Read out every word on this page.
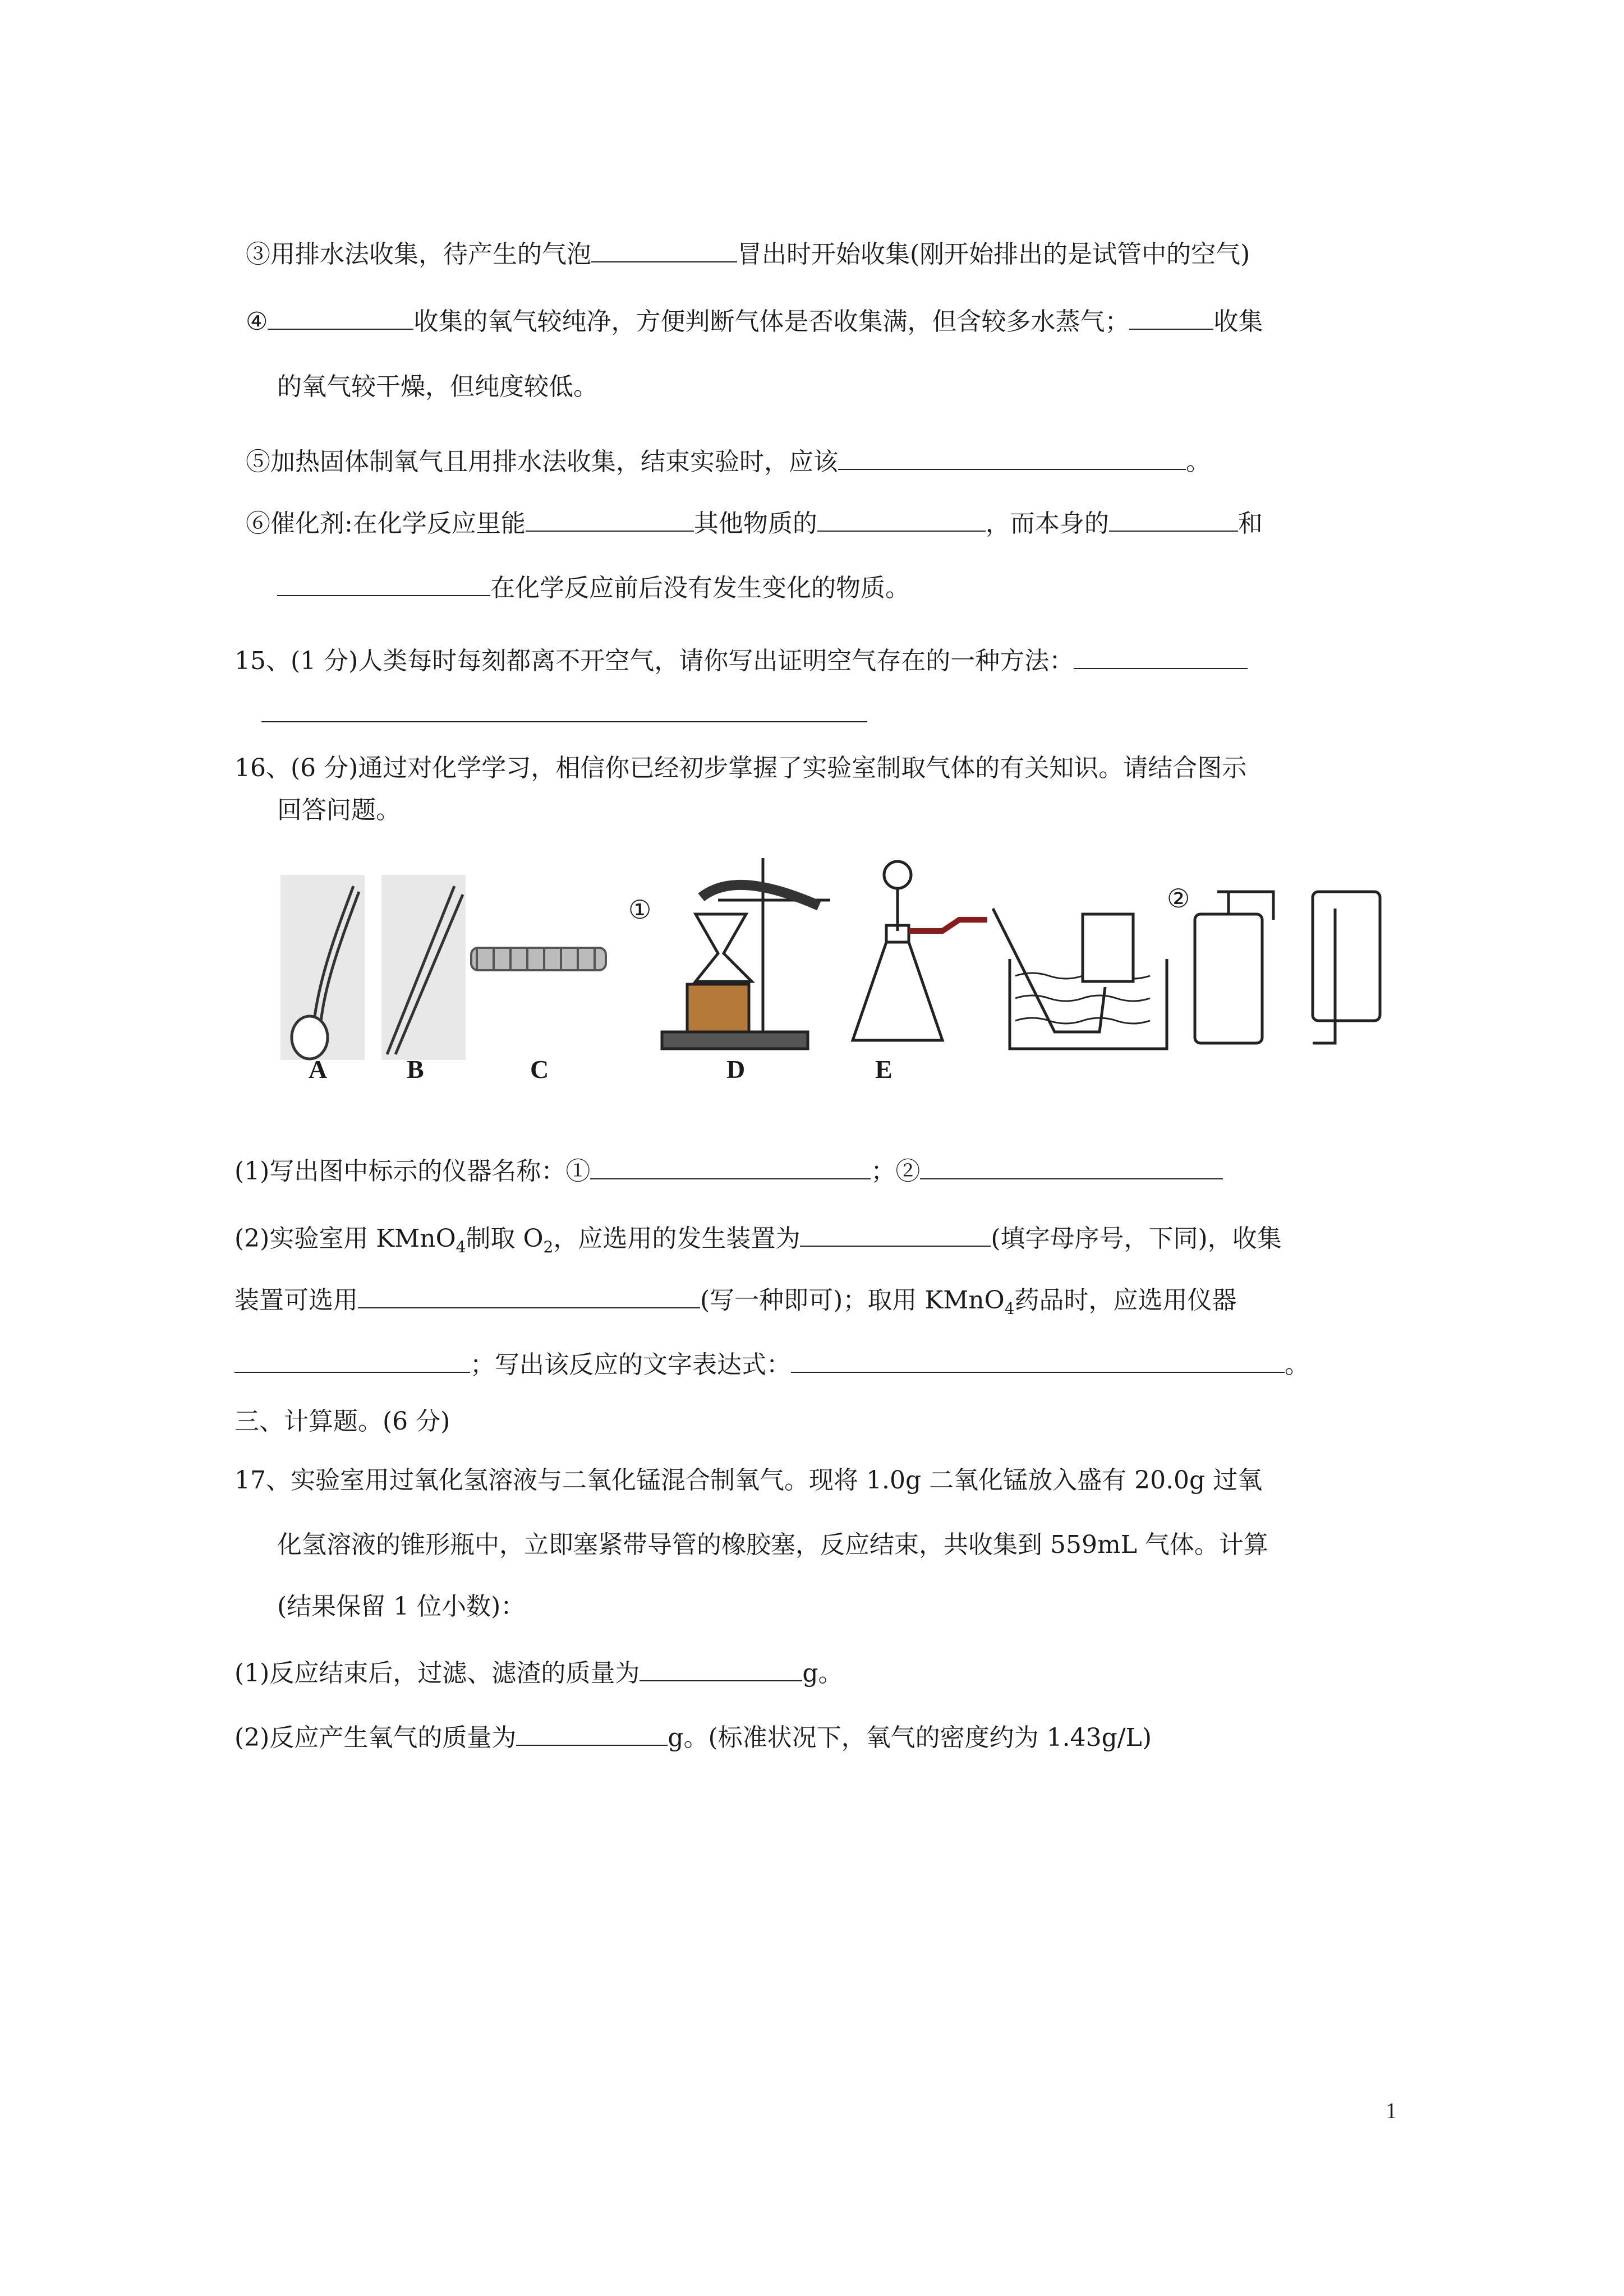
③用排水法收集，待产生的气泡	冒出时开始收集(刚开始排出的是试管中的空气)
④	收集的氧气较纯净，方便判断气体是否收集满，但含较多水蒸气；	收集
的氧气较干燥，但纯度较低。
⑤加热固体制氧气且用排水法收集，结束实验时，应该	。
⑥催化剂:在化学反应里能	其他物质的	，而本身的	和
在化学反应前后没有发生变化的物质。
15、(1 分)人类每时每刻都离不开空气，请你写出证明空气存在的一种方法：
16、(6 分)通过对化学学习，相信你已经初步掌握了实验室制取气体的有关知识。请结合图示
回答问题。
①	②
A	B	C	D	E
(1)写出图中标示的仪器名称：①	；②
(2)实验室用 KMnO$_4$制取 $O_2$，应选用的发生装置为	(填字母序号，下同)，收集
装置可选用	(写一种即可)；取用 KMnO$_4$药品时，应选用仪器
；写出该反应的文字表达式：	。
三、计算题。(6 分)
17、实验室用过氧化氢溶液与二氧化锰混合制氧气。现将 1.0g 二氧化锰放入盛有 20.0g 过氧
化氢溶液的锥形瓶中，立即塞紧带导管的橡胶塞，反应结束，共收集到 559mL 气体。计算
(结果保留 1 位小数)：
(1)反应结束后，过滤、滤渣的质量为	g。
(2)反应产生氧气的质量为	g。(标准状况下，氧气的密度约为 1.43g/L)
1
